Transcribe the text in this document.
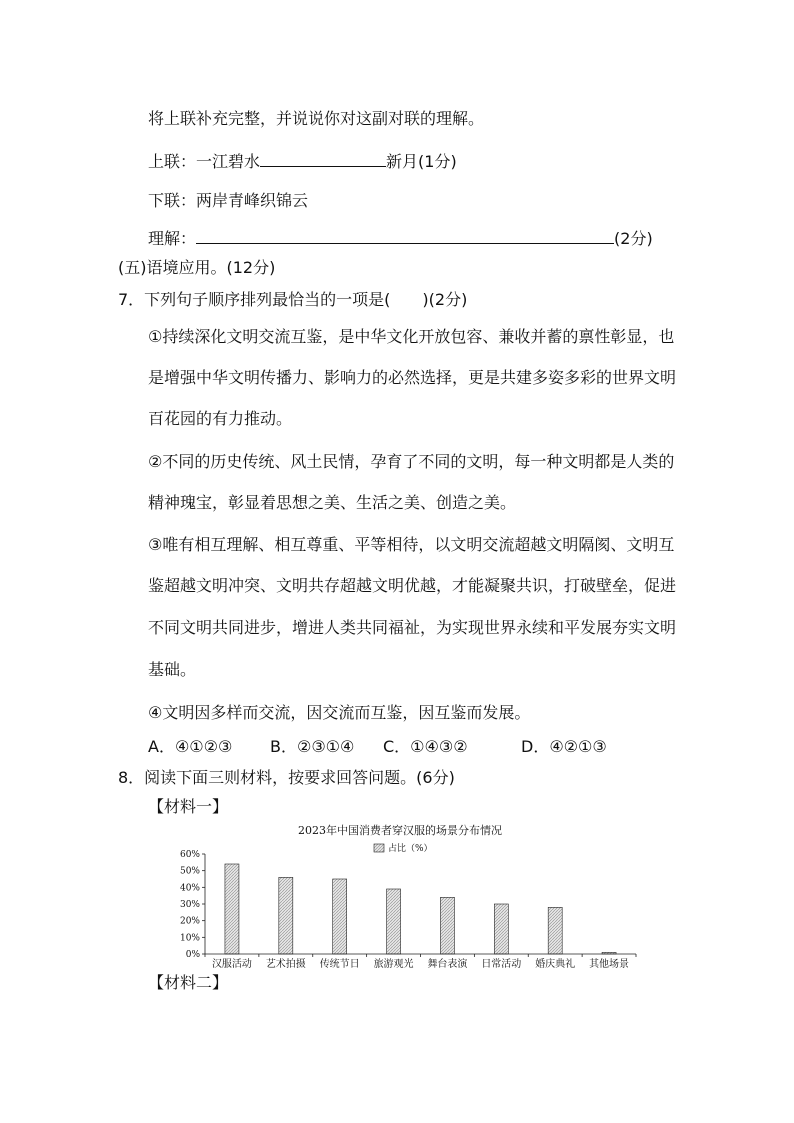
将上联补充完整，并说说你对这副对联的理解。
上联：一江碧水	新月(1分)
下联：两岸青峰织锦云
理解：	(2分)
(五)语境应用。(12分)
7．下列句子顺序排列最恰当的一项是(　　)(2分)
①持续深化文明交流互鉴，是中华文化开放包容、兼收并蓄的禀性彰显，也
是增强中华文明传播力、影响力的必然选择，更是共建多姿多彩的世界文明
百花园的有力推动。
②不同的历史传统、风土民情，孕育了不同的文明，每一种文明都是人类的
精神瑰宝，彰显着思想之美、生活之美、创造之美。
③唯有相互理解、相互尊重、平等相待，以文明交流超越文明隔阂、文明互
鉴超越文明冲突、文明共存超越文明优越，才能凝聚共识，打破壁垒，促进
不同文明共同进步，增进人类共同福祉，为实现世界永续和平发展夯实文明
基础。
④文明因多样而交流，因交流而互鉴，因互鉴而发展。
A．④①②③ B．②③①④ C．①④③②	D．④②①③
8．阅读下面三则材料，按要求回答问题。(6分)
【材料一】
2023年中国消费者穿汉服的场景分布情况
占比（%）
0%
10%
20%
30%
40%
50%
60%
汉服活动 艺术拍摄 传统节日 旅游观光 舞台表演 日常活动 婚庆典礼 其他场景
【材料二】
